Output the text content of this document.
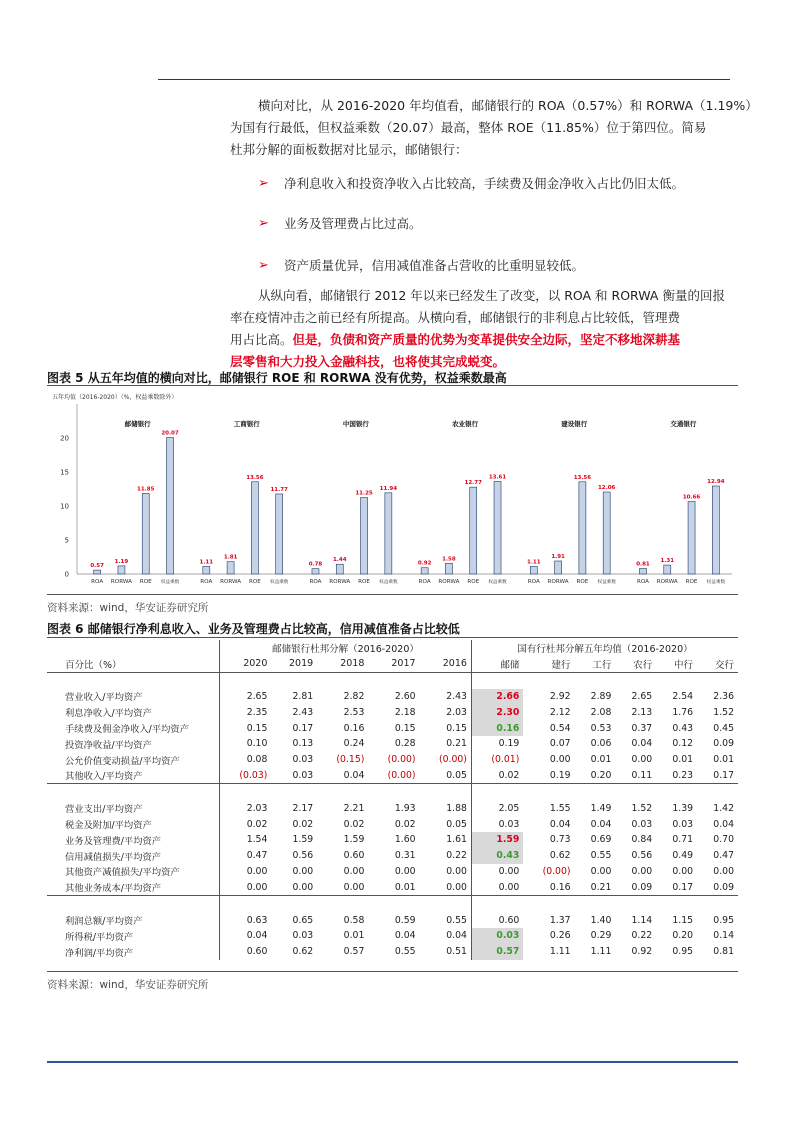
横向对比，从 2016-2020 年均值看，邮储银行的 ROA（0.57%）和 RORWA（1.19%）
为国有行最低，但权益乘数（20.07）最高，整体 ROE（11.85%）位于第四位。简易
杜邦分解的面板数据对比显示，邮储银行：
➢ 净利息收入和投资净收入占比较高，手续费及佣金净收入占比仍旧太低。
➢ 业务及管理费占比过高。
➢ 资产质量优异，信用减值准备占营收的比重明显较低。
从纵向看，邮储银行 2012 年以来已经发生了改变，以 ROA 和 RORWA 衡量的回报
率在疫情冲击之前已经有所提高。从横向看，邮储银行的非利息占比较低，管理费
用占比高。但是，负债和资产质量的优势为变革提供安全边际，坚定不移地深耕基
层零售和大力投入金融科技，也将使其完成蜕变。
图表 5 从五年均值的横向对比，邮储银行 ROE 和 RORWA 没有优势，权益乘数最高
五年均值（2016-2020）（%，权益乘数除外）
0
5
10
15
20
邮储银行
0.57
ROA
1.19
RORWA
11.85
ROE
20.07
权益乘数
工商银行
1.11
ROA
1.81
RORWA
13.56
ROE
11.77
权益乘数
中国银行
0.78
ROA
1.44
RORWA
11.25
ROE
11.94
权益乘数
农业银行
0.92
ROA
1.58
RORWA
12.77
ROE
13.61
权益乘数
建设银行
1.11
ROA
1.91
RORWA
13.56
ROE
12.06
权益乘数
交通银行
0.81
ROA
1.31
RORWA
10.66
ROE
12.94
权益乘数
资料来源：wind，华安证券研究所
图表 6 邮储银行净利息收入、业务及管理费占比较高，信用减值准备占比较低
	邮储银行杜邦分解（2016-2020）					国有行杜邦分解五年均值（2016-2020）					
百分比（%）	2020	2019	2018	2017	2016	邮储	建行	工行	农行	中行	交行

营业收入/平均资产	2.65	2.81	2.82	2.60	2.43	2.66	2.92	2.89	2.65	2.54	2.36
利息净收入/平均资产	2.35	2.43	2.53	2.18	2.03	2.30	2.12	2.08	2.13	1.76	1.52
手续费及佣金净收入/平均资产	0.15	0.17	0.16	0.15	0.15	0.16	0.54	0.53	0.37	0.43	0.45
投资净收益/平均资产	0.10	0.13	0.24	0.28	0.21	0.19	0.07	0.06	0.04	0.12	0.09
公允价值变动损益/平均资产	0.08	0.03	(0.15)	(0.00)	(0.00)	(0.01)	0.00	0.01	0.00	0.01	0.01
其他收入/平均资产	(0.03)	0.03	0.04	(0.00)	0.05	0.02	0.19	0.20	0.11	0.23	0.17

营业支出/平均资产	2.03	2.17	2.21	1.93	1.88	2.05	1.55	1.49	1.52	1.39	1.42
税金及附加/平均资产	0.02	0.02	0.02	0.02	0.05	0.03	0.04	0.04	0.03	0.03	0.04
业务及管理费/平均资产	1.54	1.59	1.59	1.60	1.61	1.59	0.73	0.69	0.84	0.71	0.70
信用减值损失/平均资产	0.47	0.56	0.60	0.31	0.22	0.43	0.62	0.55	0.56	0.49	0.47
其他资产减值损失/平均资产	0.00	0.00	0.00	0.00	0.00	0.00	(0.00)	0.00	0.00	0.00	0.00
其他业务成本/平均资产	0.00	0.00	0.00	0.01	0.00	0.00	0.16	0.21	0.09	0.17	0.09

利润总额/平均资产	0.63	0.65	0.58	0.59	0.55	0.60	1.37	1.40	1.14	1.15	0.95
所得税/平均资产	0.04	0.03	0.01	0.04	0.04	0.03	0.26	0.29	0.22	0.20	0.14
净利润/平均资产	0.60	0.62	0.57	0.55	0.51	0.57	1.11	1.11	0.92	0.95	0.81
资料来源：wind，华安证券研究所
